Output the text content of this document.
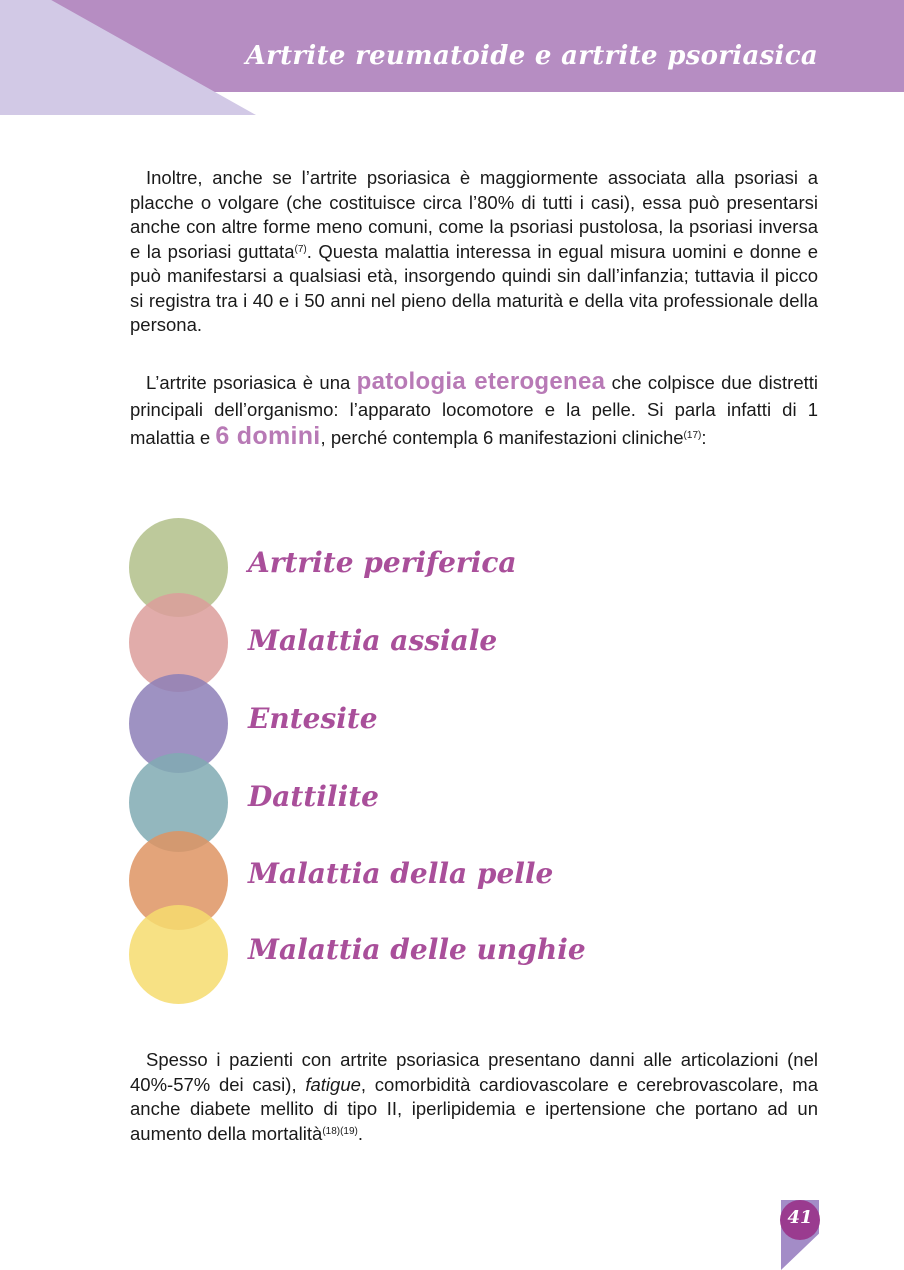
Artrite reumatoide e artrite psoriasica

Inoltre, anche se l’artrite psoriasica è maggiormente associata alla psoriasi a placche o volgare (che costituisce circa l’80% di tutti i casi), essa può presentarsi anche con altre forme meno comuni, come la psoriasi pustolosa, la psoriasi inversa e la psoriasi guttata$^{(7)}$. Questa malattia interessa in egual misura uomini e donne e può manifestarsi a qualsiasi età, insorgendo quindi sin dall’infanzia; tuttavia il picco si registra tra i 40 e i 50 anni nel pieno della maturità e della vita professionale della persona.

L’artrite psoriasica è una patologia eterogenea che colpisce due distretti principali dell’organismo: l’apparato locomotore e la pelle. Si parla infatti di 1 malattia e 6 domini, perché contempla 6 manifestazioni cliniche$^{(17)}$:

Artrite periferica
Malattia assiale
Entesite
Dattilite
Malattia della pelle
Malattia delle unghie

Spesso i pazienti con artrite psoriasica presentano danni alle articolazioni (nel 40%-57% dei casi), fatigue, comorbidità cardiovascolare e cerebrovascolare, ma anche diabete mellito di tipo II, iperlipidemia e ipertensione che portano ad un aumento della mortalità$^{(18)(19)}$.

41
